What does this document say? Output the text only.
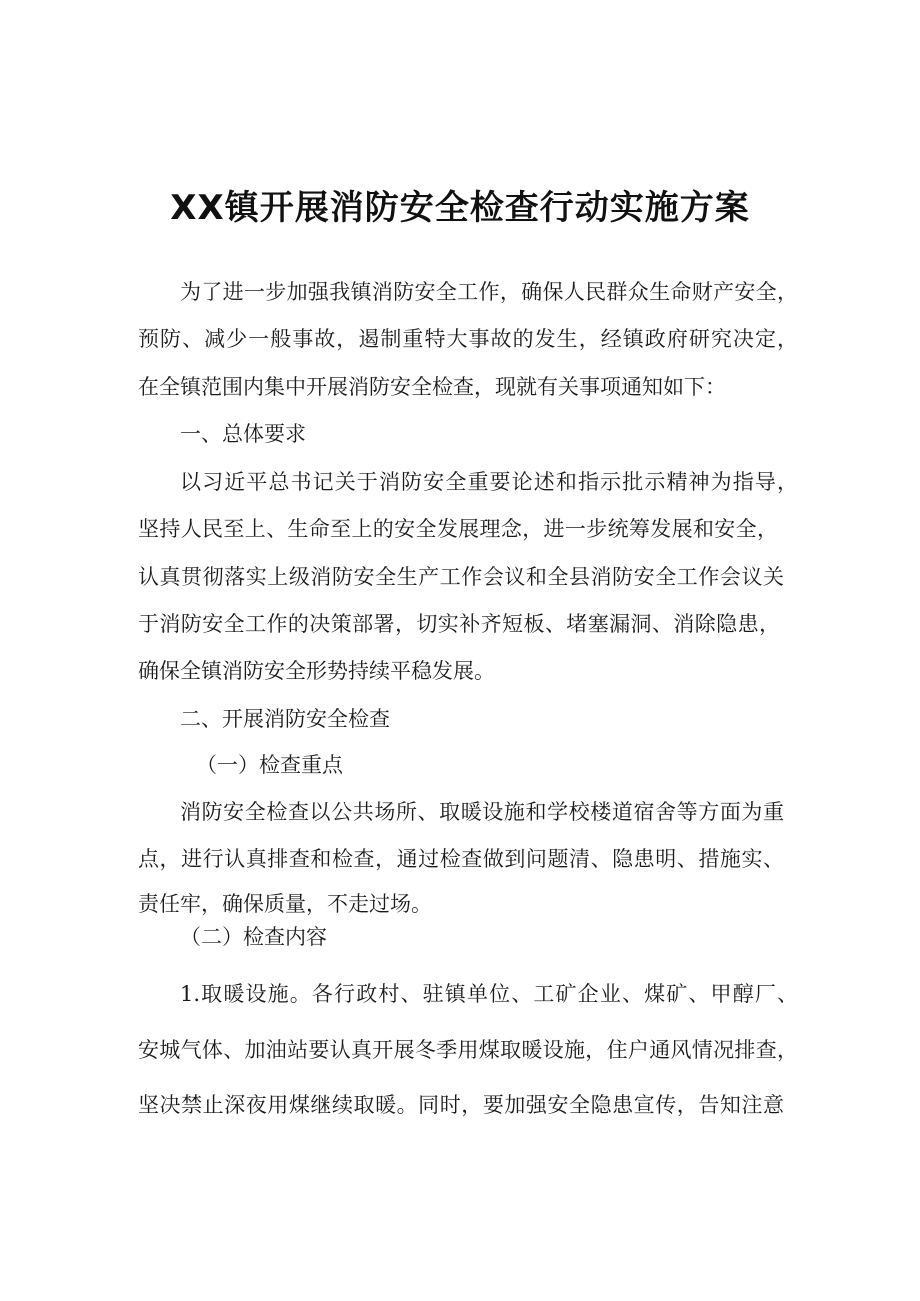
XX镇开展消防安全检查行动实施方案
为了进一步加强我镇消防安全工作，确保人民群众生命财产安全，
预防、减少一般事故，遏制重特大事故的发生，经镇政府研究决定，
在全镇范围内集中开展消防安全检查，现就有关事项通知如下：
一、总体要求
以习近平总书记关于消防安全重要论述和指示批示精神为指导，
坚持人民至上、生命至上的安全发展理念，进一步统筹发展和安全，
认真贯彻落实上级消防安全生产工作会议和全县消防安全工作会议关
于消防安全工作的决策部署，切实补齐短板、堵塞漏洞、消除隐患，
确保全镇消防安全形势持续平稳发展。
二、开展消防安全检查
（一）检查重点
消防安全检查以公共场所、取暖设施和学校楼道宿舍等方面为重
点，进行认真排查和检查，通过检查做到问题清、隐患明、措施实、
责任牢，确保质量，不走过场。
（二）检查内容
1.取暖设施。各行政村、驻镇单位、工矿企业、煤矿、甲醇厂、
安城气体、加油站要认真开展冬季用煤取暖设施，住户通风情况排查，
坚决禁止深夜用煤继续取暖。同时，要加强安全隐患宣传，告知注意
